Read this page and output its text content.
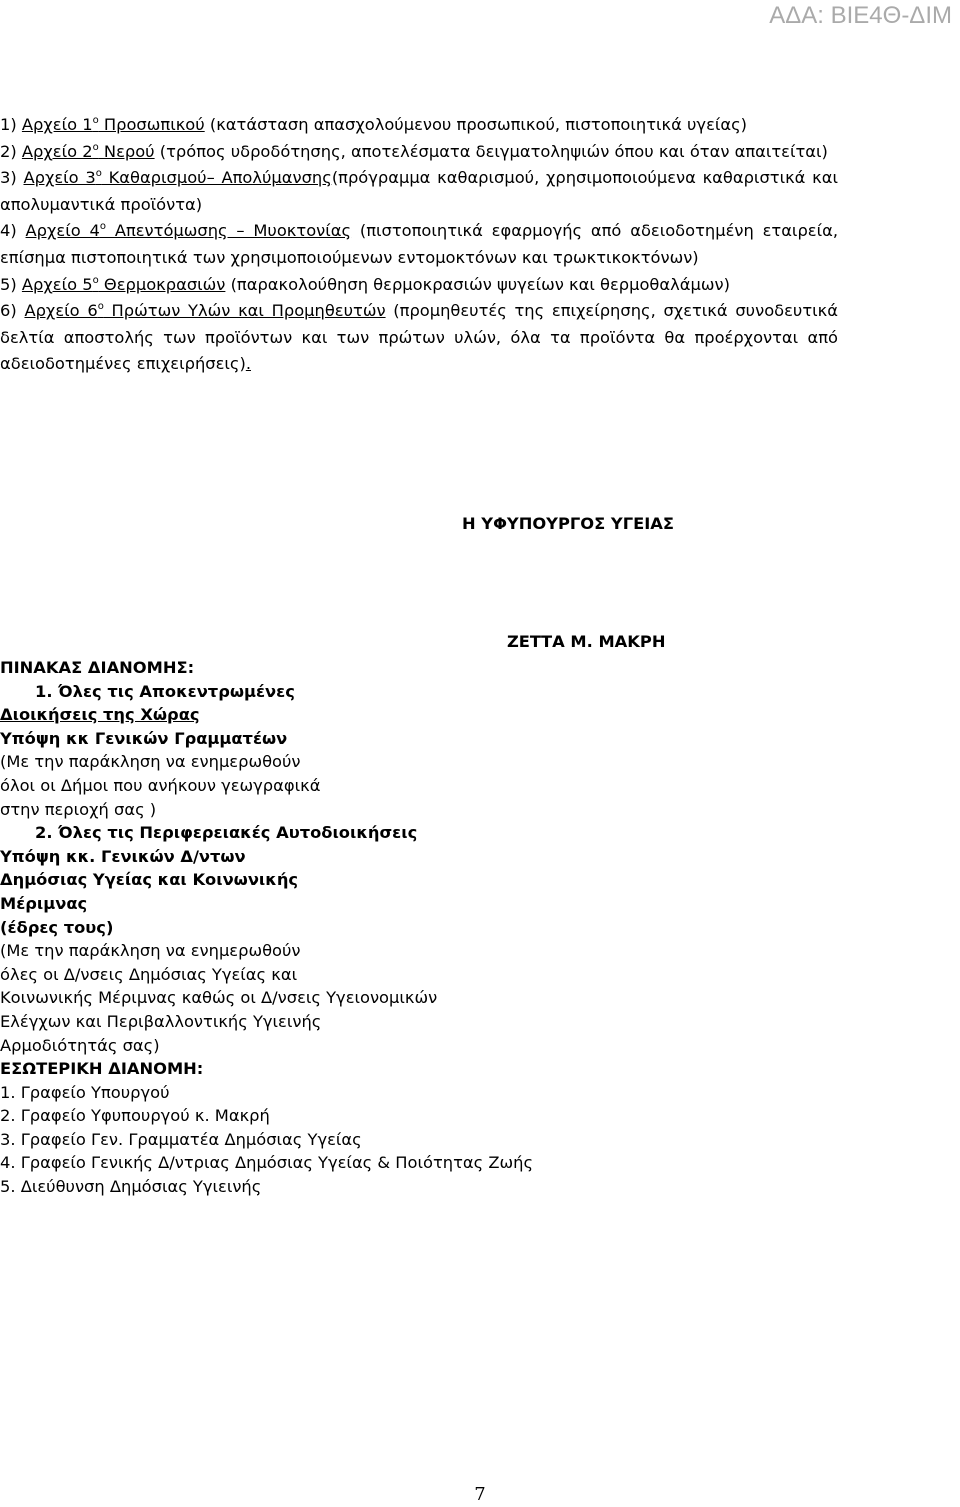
ΑΔΑ: ΒΙΕ4Θ-ΔΙΜ

1) Αρχείο $1^o$ Προσωπικού (κατάσταση απασχολούμενου προσωπικού, πιστοποιητικά υγείας)

2) Αρχείο $2^o$ Νερού (τρόπος υδροδότησης, αποτελέσματα δειγματοληψιών όπου και όταν απαιτείται)

3) Αρχείο $3^o$ Καθαρισμού– Απολύμανσης(πρόγραμμα καθαρισμού, χρησιμοποιούμενα καθαριστικά και απολυμαντικά προϊόντα)

4) Αρχείο $4^o$ Απεντόμωσης – Μυοκτονίας (πιστοποιητικά εφαρμογής από αδειοδοτημένη εταιρεία, επίσημα πιστοποιητικά των χρησιμοποιούμενων εντομοκτόνων και τρωκτικοκτόνων)

5) Αρχείο $5^o$ Θερμοκρασιών (παρακολούθηση θερμοκρασιών ψυγείων και θερμοθαλάμων)

6) Αρχείο $6^o$ Πρώτων Υλών και Προμηθευτών (προμηθευτές της επιχείρησης, σχετικά συνοδευτικά δελτία αποστολής των προϊόντων και των πρώτων υλών, όλα τα προϊόντα θα προέρχονται από αδειοδοτημένες επιχειρήσεις).

Η ΥΦΥΠΟΥΡΓΟΣ ΥΓΕΙΑΣ
ΖΕΤΤΑ Μ. ΜΑΚΡΗ
ΠΙΝΑΚΑΣ ΔΙΑΝΟΜΗΣ:
1. Όλες τις Αποκεντρωμένες
Διοικήσεις της Χώρας
Υπόψη κκ Γενικών Γραμματέων
(Με την παράκληση να ενημερωθούν
όλοι οι Δήμοι που ανήκουν γεωγραφικά
στην περιοχή σας )
2. Όλες τις Περιφερειακές Αυτοδιοικήσεις
Υπόψη κκ. Γενικών Δ/ντων
Δημόσιας Υγείας και Κοινωνικής
Μέριμνας
(έδρες τους)
(Με την παράκληση να ενημερωθούν
όλες οι Δ/νσεις Δημόσιας Υγείας και
Κοινωνικής Μέριμνας καθώς οι Δ/νσεις Υγειονομικών
Ελέγχων και Περιβαλλοντικής Υγιεινής
Αρμοδιότητάς σας)
ΕΣΩΤΕΡΙΚΗ ΔΙΑΝΟΜΗ:
1. Γραφείο Υπουργού
2. Γραφείο Υφυπουργού κ. Μακρή
3. Γραφείο Γεν. Γραμματέα Δημόσιας Υγείας
4. Γραφείο Γενικής Δ/ντριας Δημόσιας Υγείας & Ποιότητας Ζωής
5. Διεύθυνση Δημόσιας Υγιεινής
7
